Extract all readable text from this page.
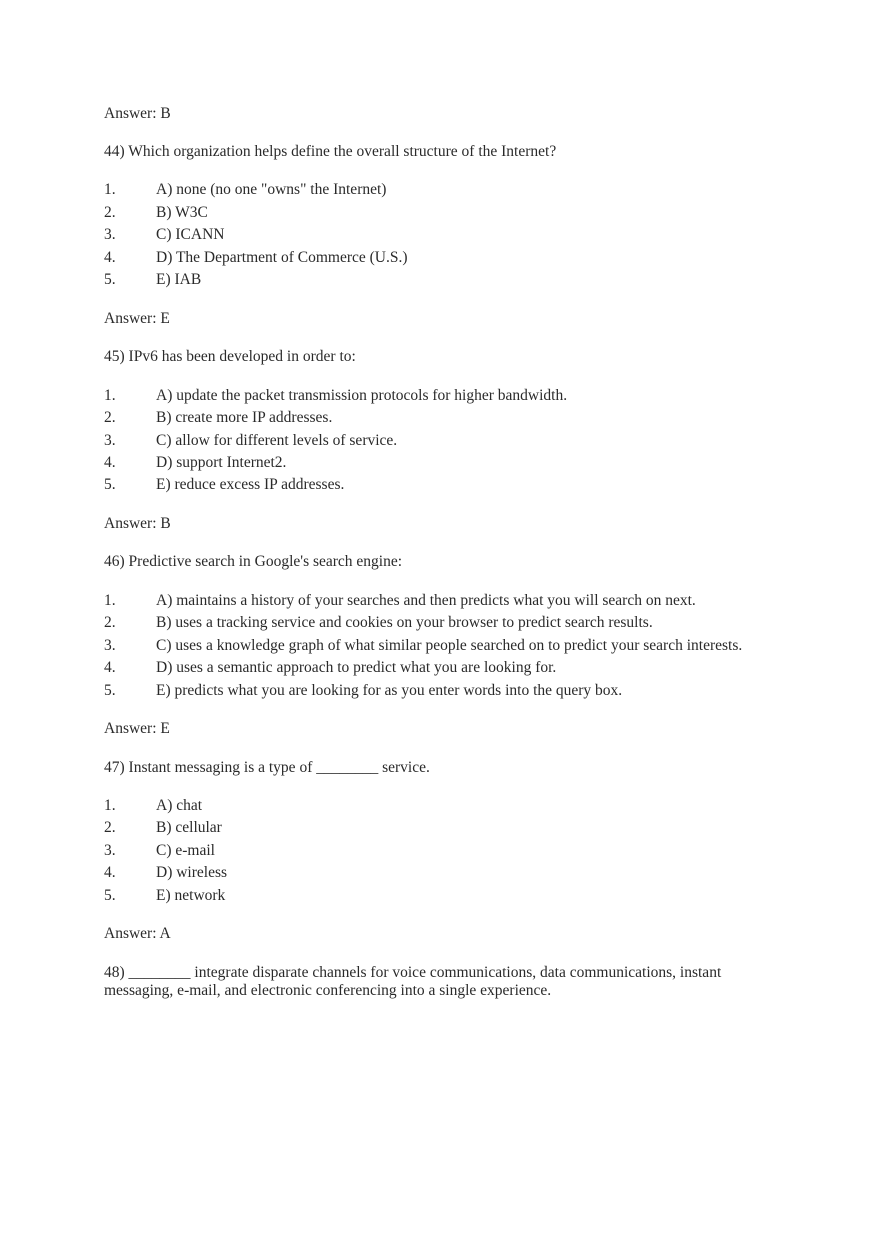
Answer: B
44) Which organization helps define the overall structure of the Internet?
1.	A) none (no one "owns" the Internet)
2.	B) W3C
3.	C) ICANN
4.	D) The Department of Commerce (U.S.)
5.	E) IAB
Answer: E
45) IPv6 has been developed in order to:
1.	A) update the packet transmission protocols for higher bandwidth.
2.	B) create more IP addresses.
3.	C) allow for different levels of service.
4.	D) support Internet2.
5.	E) reduce excess IP addresses.
Answer: B
46) Predictive search in Google's search engine:
1.	A) maintains a history of your searches and then predicts what you will search on next.
2.	B) uses a tracking service and cookies on your browser to predict search results.
3.	C) uses a knowledge graph of what similar people searched on to predict your search interests.
4.	D) uses a semantic approach to predict what you are looking for.
5.	E) predicts what you are looking for as you enter words into the query box.
Answer: E
47) Instant messaging is a type of ________ service.
1.	A) chat
2.	B) cellular
3.	C) e-mail
4.	D) wireless
5.	E) network
Answer: A
48) ________ integrate disparate channels for voice communications, data communications, instant
messaging, e-mail, and electronic conferencing into a single experience.
